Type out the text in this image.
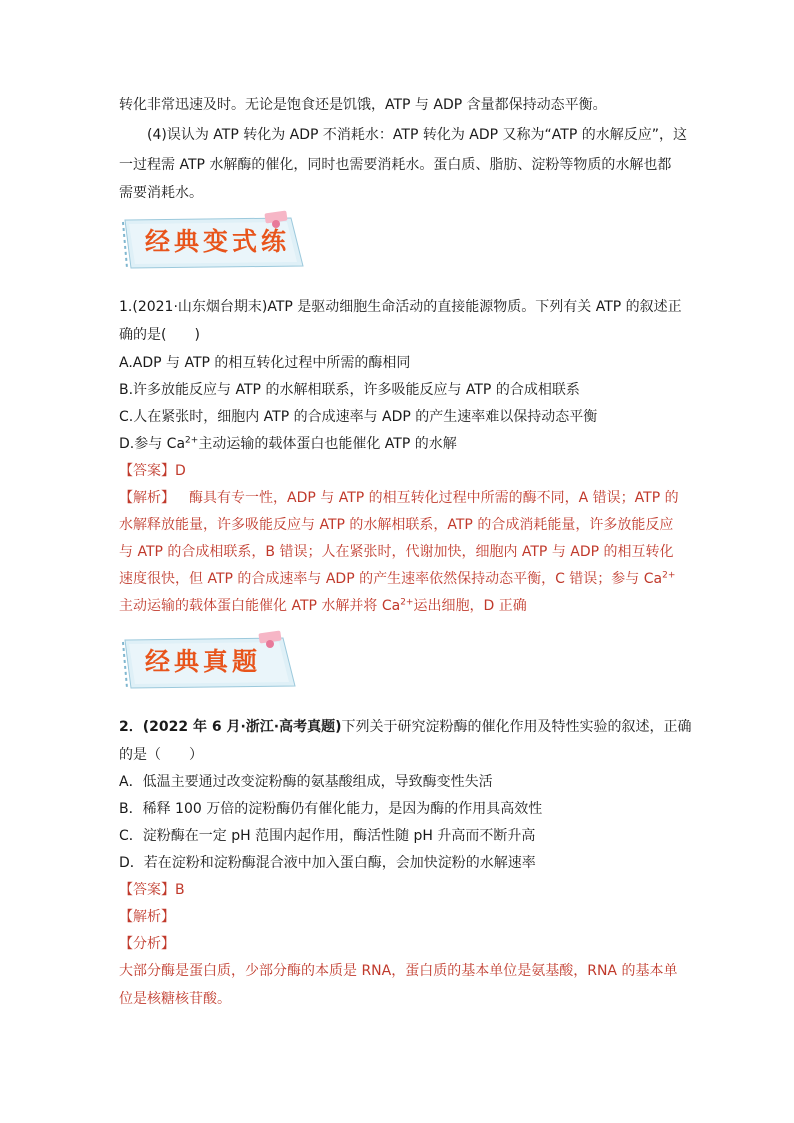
转化非常迅速及时。无论是饱食还是饥饿，ATP 与 ADP 含量都保持动态平衡。
(4)误认为 ATP 转化为 ADP 不消耗水：ATP 转化为 ADP 又称为“ATP 的水解反应”，这
一过程需 ATP 水解酶的催化，同时也需要消耗水。蛋白质、脂肪、淀粉等物质的水解也都
需要消耗水。
经典变式练
1.(2021·山东烟台期末)ATP 是驱动细胞生命活动的直接能源物质。下列有关 ATP 的叙述正
确的是(　　)
A.ADP 与 ATP 的相互转化过程中所需的酶相同
B.许多放能反应与 ATP 的水解相联系，许多吸能反应与 ATP 的合成相联系
C.人在紧张时，细胞内 ATP 的合成速率与 ADP 的产生速率难以保持动态平衡
D.参与 $Ca^{2+}$主动运输的载体蛋白也能催化 ATP 的水解
【答案】D
【解析】 酶具有专一性，ADP 与 ATP 的相互转化过程中所需的酶不同，A 错误；ATP 的
水解释放能量，许多吸能反应与 ATP 的水解相联系，ATP 的合成消耗能量，许多放能反应
与 ATP 的合成相联系，B 错误；人在紧张时，代谢加快，细胞内 ATP 与 ADP 的相互转化
速度很快，但 ATP 的合成速率与 ADP 的产生速率依然保持动态平衡，C 错误；参与 $Ca^{2+}$
主动运输的载体蛋白能催化 ATP 水解并将 $Ca^{2+}$运出细胞，D 正确
经典真题
2．(2022 年 6 月·浙江·高考真题)下列关于研究淀粉酶的催化作用及特性实验的叙述，正确
的是（　　）
A．低温主要通过改变淀粉酶的氨基酸组成，导致酶变性失活
B．稀释 100 万倍的淀粉酶仍有催化能力，是因为酶的作用具高效性
C．淀粉酶在一定 pH 范围内起作用，酶活性随 pH 升高而不断升高
D．若在淀粉和淀粉酶混合液中加入蛋白酶，会加快淀粉的水解速率
【答案】B
【解析】
【分析】
大部分酶是蛋白质，少部分酶的本质是 RNA，蛋白质的基本单位是氨基酸，RNA 的基本单
位是核糖核苷酸。
